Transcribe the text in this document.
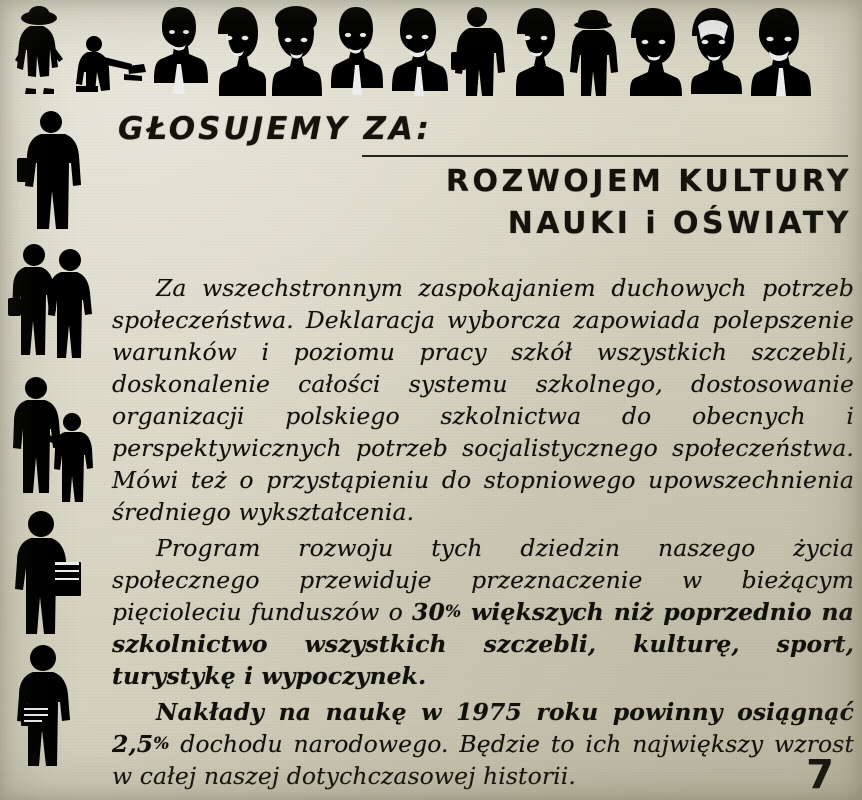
GŁOSUJEMY ZA:
ROZWOJEM KULTURY
NAUKI i OŚWIATY

Za wszechstronnym zaspokajaniem duchowych potrzeb społeczeństwa. Deklaracja wyborcza zapowiada polepszenie warunków i poziomu pracy szkół wszystkich szczebli, doskonalenie całości systemu szkolnego, dostosowanie organizacji polskiego szkolnictwa do obecnych i perspektywicznych potrzeb socjalistycznego społeczeństwa. Mówi też o przystąpieniu do stopniowego upowszechnienia średniego wykształcenia.

Program rozwoju tych dziedzin naszego życia społecznego przewiduje przeznaczenie w bieżącym pięcioleciu funduszów o 30% większych niż poprzednio na szkolnictwo wszystkich szczebli, kulturę, sport, turystykę i wypoczynek.

Nakłady na naukę w 1975 roku powinny osiągnąć 2,5% dochodu narodowego. Będzie to ich największy wzrost w całej naszej dotychczasowej historii.	7
